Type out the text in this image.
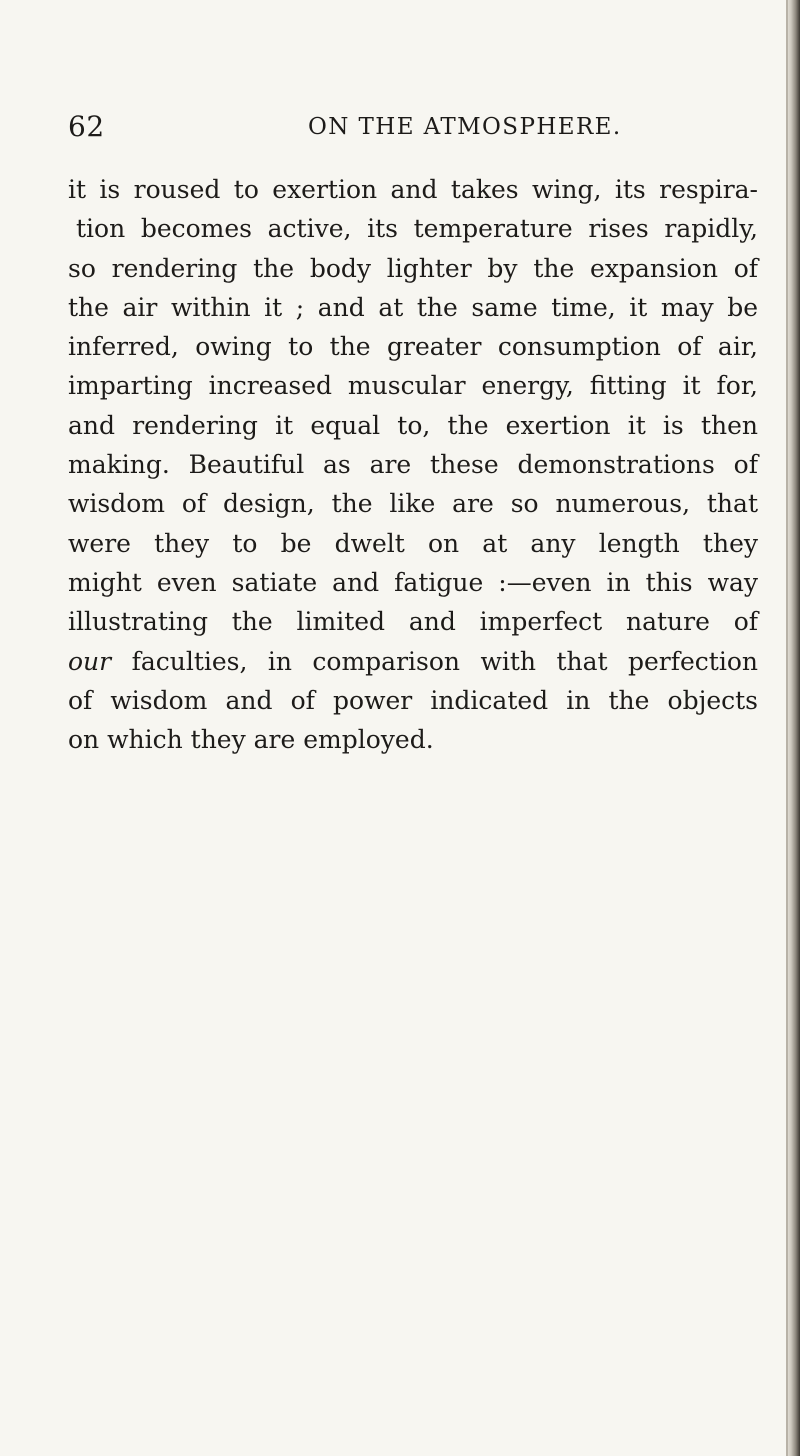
62	ON THE ATMOSPHERE.
it is roused to exertion and takes wing, its respira-
tion becomes active, its temperature rises rapidly,
so rendering the body lighter by the expansion of
the air within it ; and at the same time, it may be
inferred, owing to the greater consumption of air,
imparting increased muscular energy, fitting it for,
and rendering it equal to, the exertion it is then
making. Beautiful as are these demonstrations of
wisdom of design, the like are so numerous, that
were they to be dwelt on at any length they
might even satiate and fatigue :—even in this way
illustrating the limited and imperfect nature of
our faculties, in comparison with that perfection
of wisdom and of power indicated in the objects
on which they are employed.
